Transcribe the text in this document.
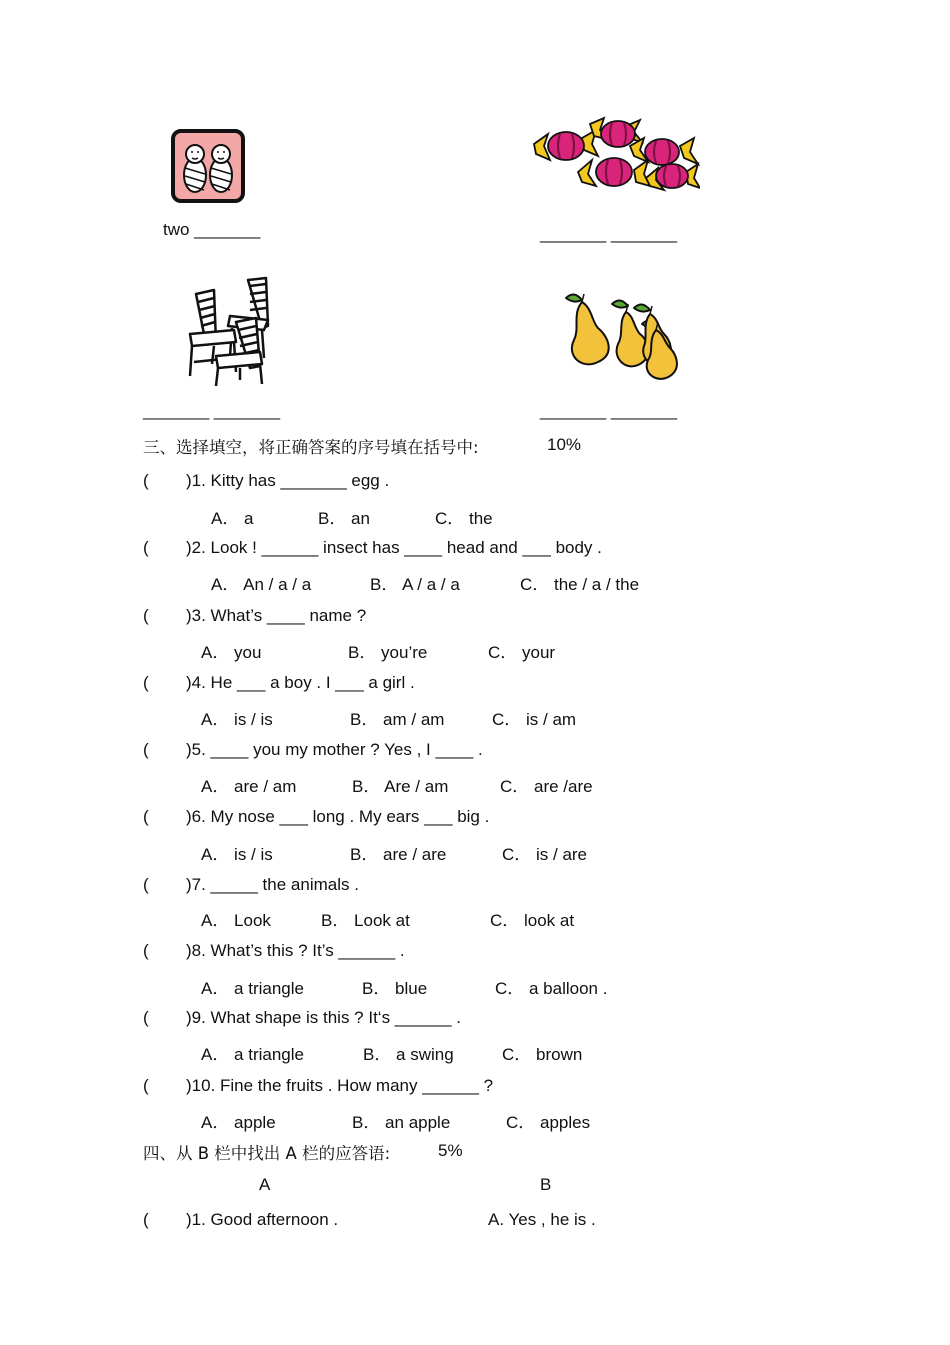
two _______	_______ _______
_______ _______	_______ _______
三、选择填空，将正确答案的序号填在括号中:	10%
( )1. Kitty has _______ egg .
A． a	B． an	C． the
( )2. Look ! ______ insect has ____ head and ___ body .
A． An / a / a	B． A / a / a	C． the / a / the
( )3. What’s ____ name ?
A． you	B． you’re	C． your
( )4. He ___ a boy . I ___ a girl .
A． is / is	B． am / am	C． is / am
( )5. ____ you my mother ? Yes , I ____ .
A． are / am	B． Are / am	C． are /are
( )6. My nose ___ long . My ears ___ big .
A． is / is	B． are / are	C． is / are
( )7. _____ the animals .
A． Look	B． Look at	C． look at
( )8. What’s this ? It’s ______ .
A． a triangle	B． blue	C． a balloon .
( )9. What shape is this ? It‘s ______ .
A． a triangle	B． a swing	C． brown
( )10. Fine the fruits . How many ______ ?
A． apple	B． an apple	C． apples
四、从 B 栏中找出 A 栏的应答语:	5%
A	B
( )1. Good afternoon .	A. Yes , he is .
